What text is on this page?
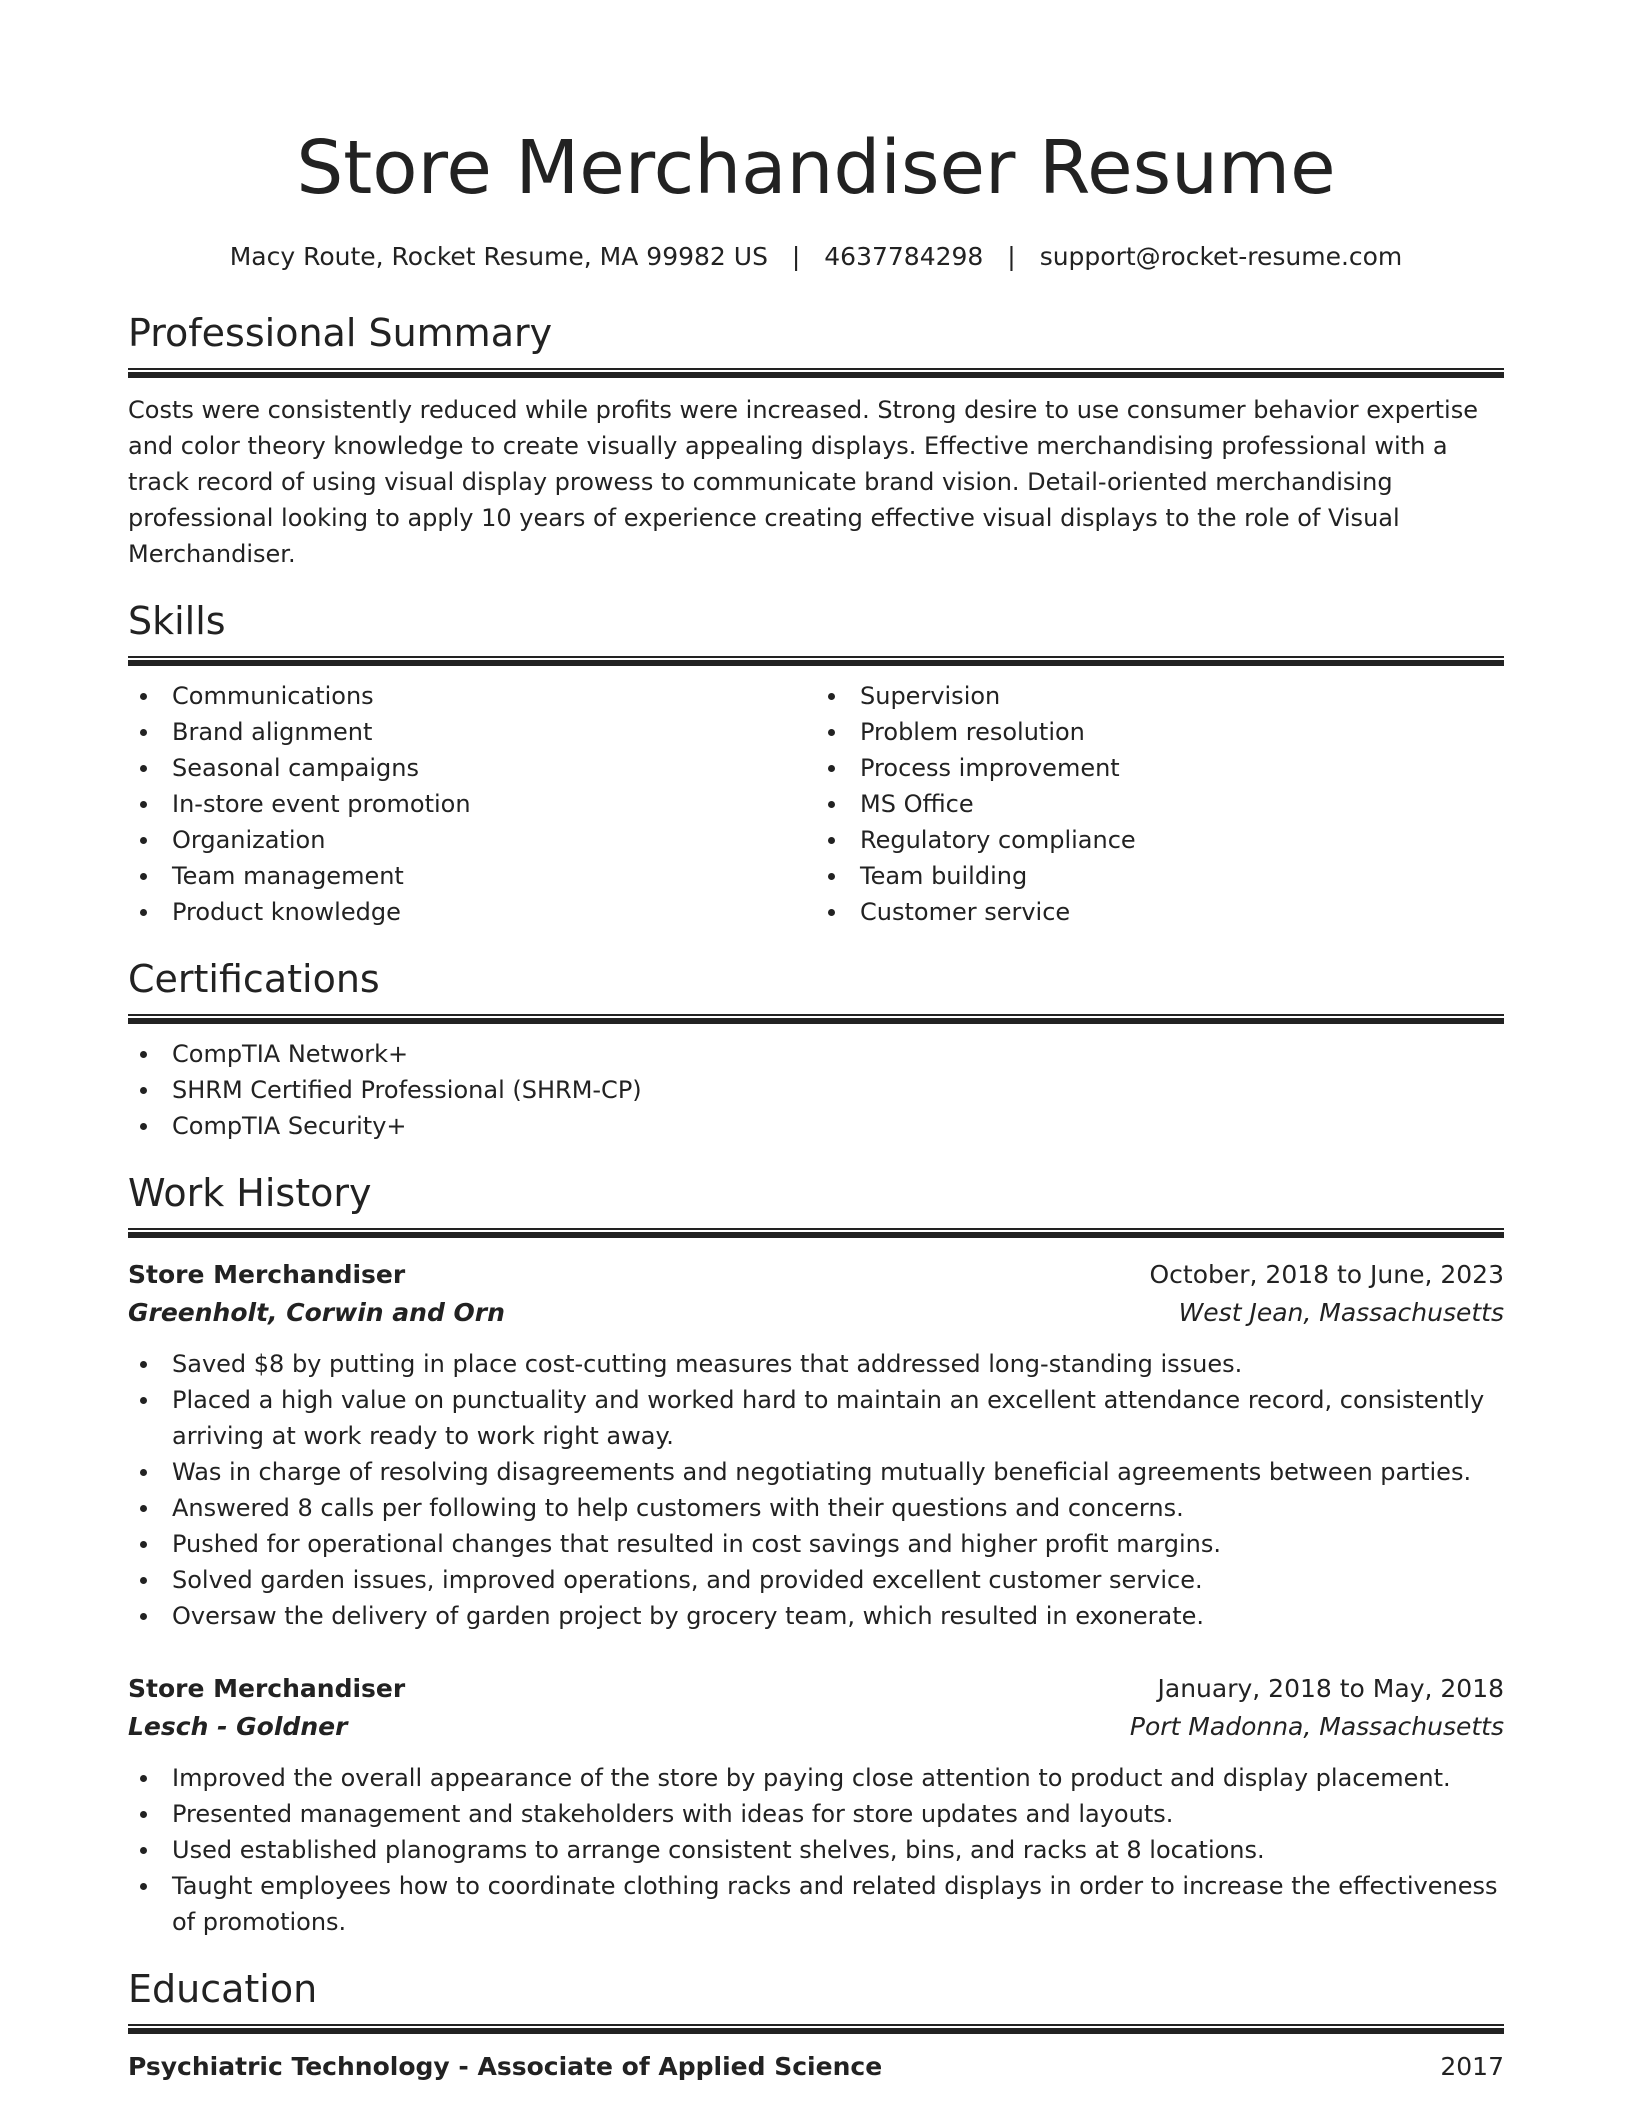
Store Merchandiser Resume
Macy Route, Rocket Resume, MA 99982 US | 4637784298 | support@rocket-resume.com
Professional Summary
Costs were consistently reduced while profits were increased. Strong desire to use consumer behavior expertise and color theory knowledge to create visually appealing displays. Effective merchandising professional with a track record of using visual display prowess to communicate brand vision. Detail-oriented merchandising professional looking to apply 10 years of experience creating effective visual displays to the role of Visual Merchandiser.
Skills
Communications
Brand alignment
Seasonal campaigns
In-store event promotion
Organization
Team management
Product knowledge
Supervision
Problem resolution
Process improvement
MS Office
Regulatory compliance
Team building
Customer service
Certifications
CompTIA Network+
SHRM Certified Professional (SHRM-CP)
CompTIA Security+
Work History
Store Merchandiser	October, 2018 to June, 2023
Greenholt, Corwin and Orn	West Jean, Massachusetts
Saved $8 by putting in place cost-cutting measures that addressed long-standing issues.
Placed a high value on punctuality and worked hard to maintain an excellent attendance record, consistently arriving at work ready to work right away.
Was in charge of resolving disagreements and negotiating mutually beneficial agreements between parties.
Answered 8 calls per following to help customers with their questions and concerns.
Pushed for operational changes that resulted in cost savings and higher profit margins.
Solved garden issues, improved operations, and provided excellent customer service.
Oversaw the delivery of garden project by grocery team, which resulted in exonerate.
Store Merchandiser	January, 2018 to May, 2018
Lesch - Goldner	Port Madonna, Massachusetts
Improved the overall appearance of the store by paying close attention to product and display placement.
Presented management and stakeholders with ideas for store updates and layouts.
Used established planograms to arrange consistent shelves, bins, and racks at 8 locations.
Taught employees how to coordinate clothing racks and related displays in order to increase the effectiveness of promotions.
Education
Psychiatric Technology - Associate of Applied Science	2017
